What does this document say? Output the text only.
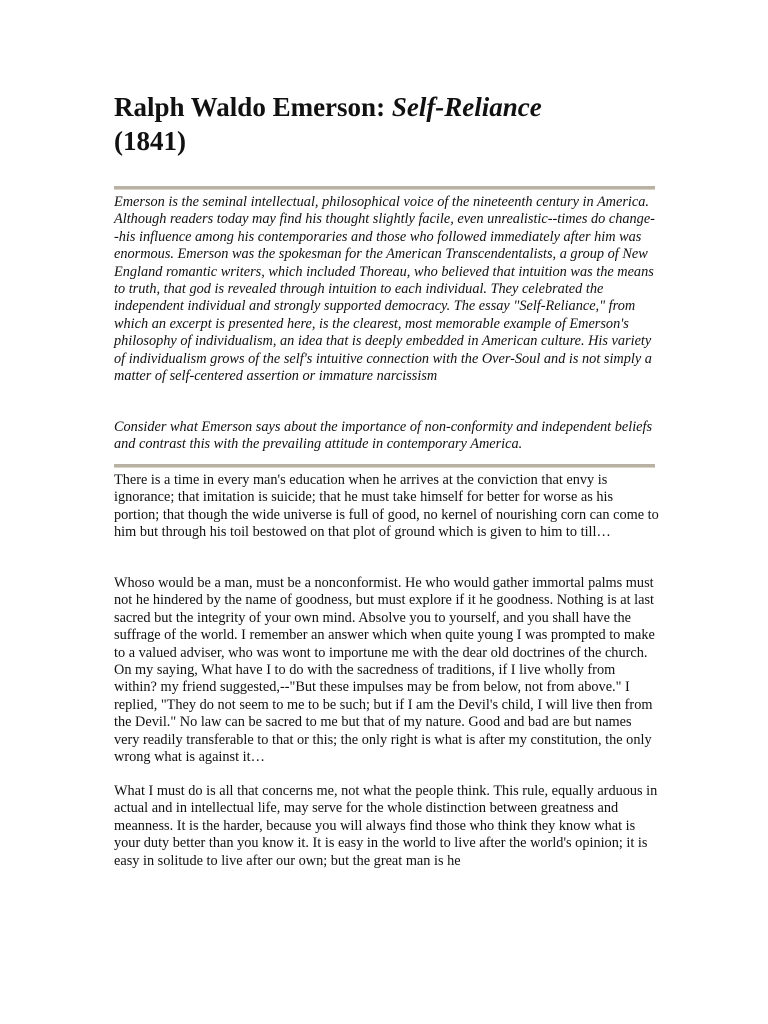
Ralph Waldo Emerson: Self-Reliance
(1841)

Emerson is the seminal intellectual, philosophical voice of the nineteenth century in America. Although readers today may find his thought slightly facile, even unrealistic--times do change--his influence among his contemporaries and those who followed immediately after him was enormous. Emerson was the spokesman for the American Transcendentalists, a group of New England romantic writers, which included Thoreau, who believed that intuition was the means to truth, that god is revealed through intuition to each individual. They celebrated the independent individual and strongly supported democracy. The essay "Self-Reliance," from which an excerpt is presented here, is the clearest, most memorable example of Emerson's philosophy of individualism, an idea that is deeply embedded in American culture. His variety of individualism grows of the self's intuitive connection with the Over-Soul and is not simply a matter of self-centered assertion or immature narcissism

Consider what Emerson says about the importance of non-conformity and independent beliefs and contrast this with the prevailing attitude in contemporary America.

There is a time in every man's education when he arrives at the conviction that envy is ignorance; that imitation is suicide; that he must take himself for better for worse as his portion; that though the wide universe is full of good, no kernel of nourishing corn can come to him but through his toil bestowed on that plot of ground which is given to him to till…

Whoso would be a man, must be a nonconformist. He who would gather immortal palms must not he hindered by the name of goodness, but must explore if it he goodness. Nothing is at last sacred but the integrity of your own mind. Absolve you to yourself, and you shall have the suffrage of the world. I remember an answer which when quite young I was prompted to make to a valued adviser, who was wont to importune me with the dear old doctrines of the church. On my saying, What have I to do with the sacredness of traditions, if I live wholly from within? my friend suggested,--"But these impulses may be from below, not from above." I replied, "They do not seem to me to be such; but if I am the Devil's child, I will live then from the Devil." No law can be sacred to me but that of my nature. Good and bad are but names very readily transferable to that or this; the only right is what is after my constitution, the only wrong what is against it…

What I must do is all that concerns me, not what the people think. This rule, equally arduous in actual and in intellectual life, may serve for the whole distinction between greatness and meanness. It is the harder, because you will always find those who think they know what is your duty better than you know it. It is easy in the world to live after the world's opinion; it is easy in solitude to live after our own; but the great man is he
